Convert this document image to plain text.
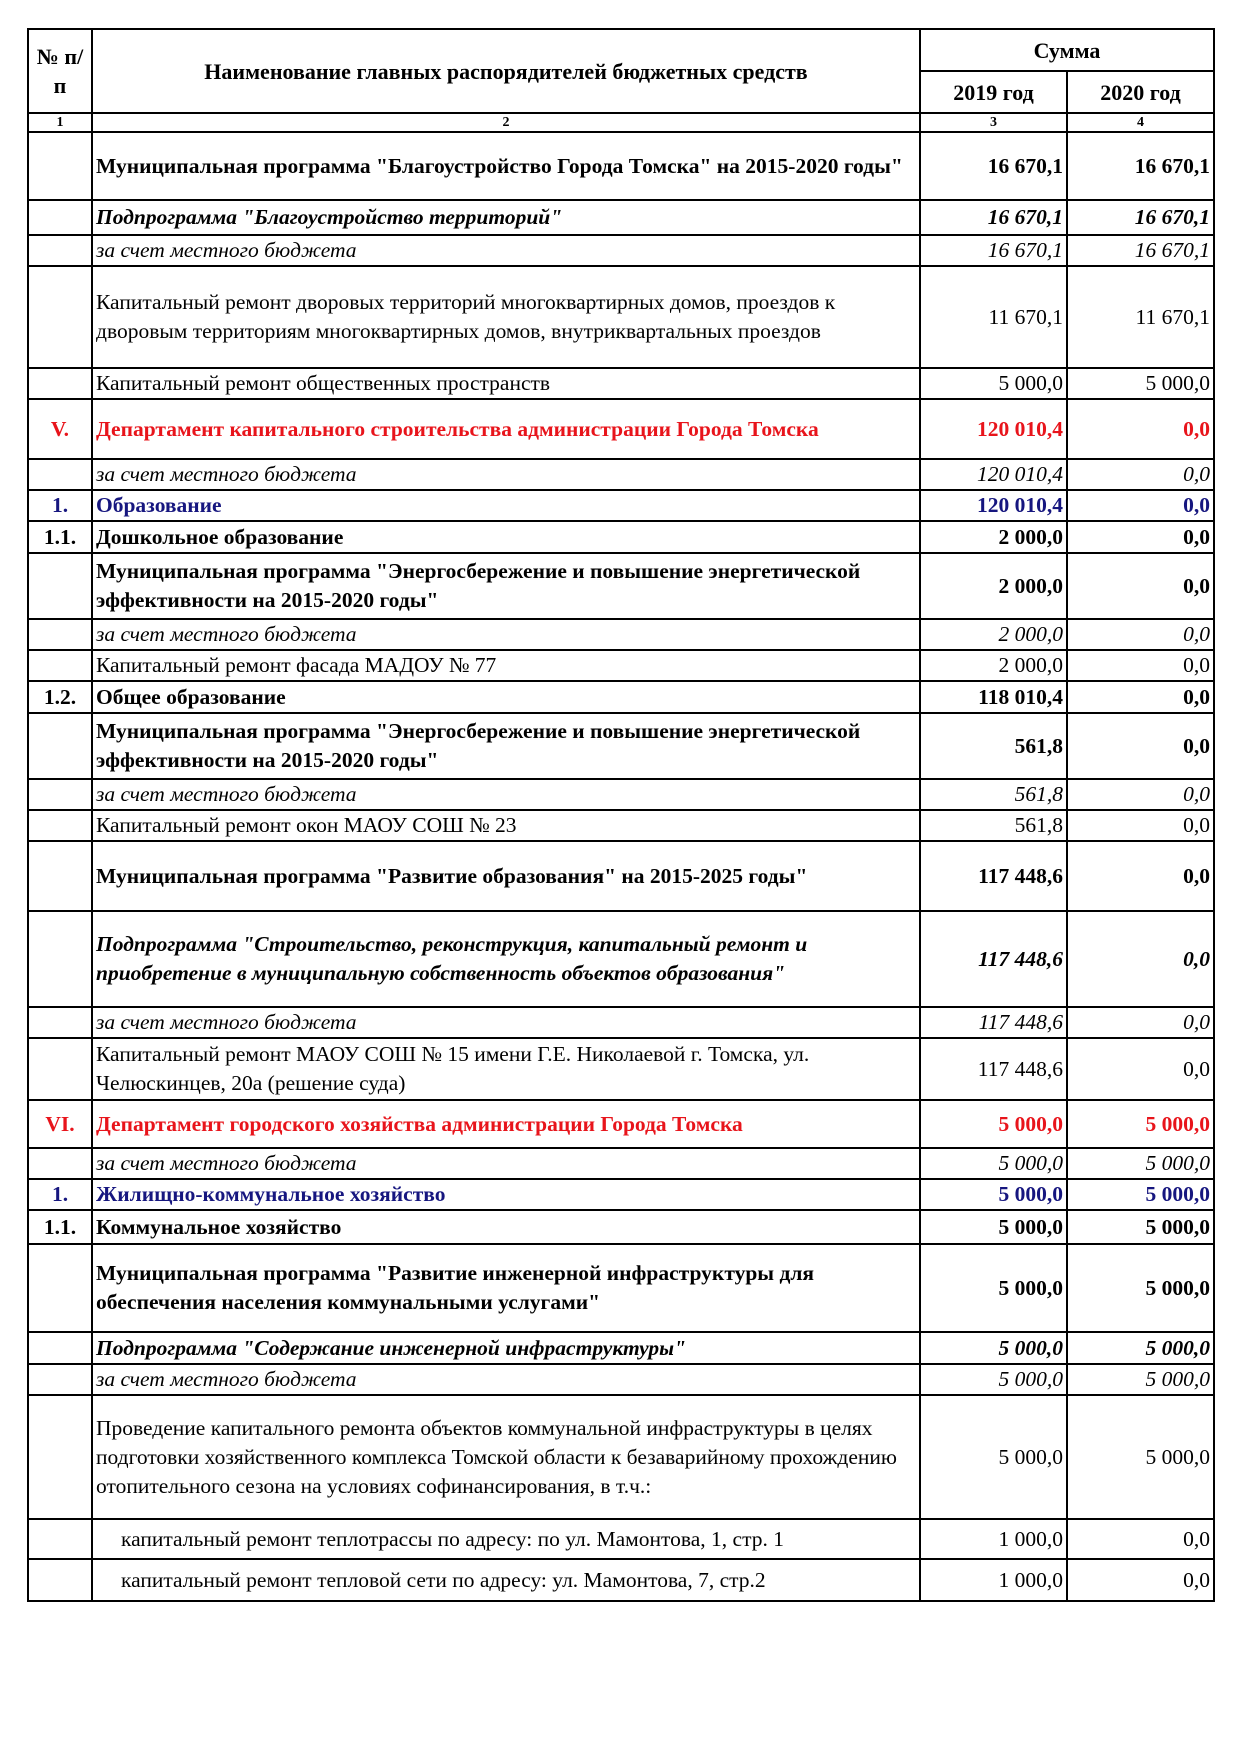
№ п/п	Наименование главных распорядителей бюджетных средств	Сумма	
		2019 год	2020 год
1	2	3	4
	Муниципальная программа "Благоустройство Города Томска" на 2015-2020 годы"	16 670,1	16 670,1
	Подпрограмма "Благоустройство территорий"	16 670,1	16 670,1
	за счет местного бюджета	16 670,1	16 670,1
	Капитальный ремонт дворовых территорий многоквартирных домов, проездов к дворовым территориям многоквартирных домов, внутриквартальных проездов	11 670,1	11 670,1
	Капитальный ремонт общественных пространств	5 000,0	5 000,0
V.	Департамент капитального строительства администрации Города Томска	120 010,4	0,0
	за счет местного бюджета	120 010,4	0,0
1.	Образование	120 010,4	0,0
1.1.	Дошкольное образование	2 000,0	0,0
	Муниципальная программа "Энергосбережение и повышение энергетической эффективности на 2015-2020 годы"	2 000,0	0,0
	за счет местного бюджета	2 000,0	0,0
	Капитальный ремонт фасада МАДОУ № 77	2 000,0	0,0
1.2.	Общее образование	118 010,4	0,0
	Муниципальная программа "Энергосбережение и повышение энергетической эффективности на 2015-2020 годы"	561,8	0,0
	за счет местного бюджета	561,8	0,0
	Капитальный ремонт окон МАОУ СОШ № 23	561,8	0,0
	Муниципальная программа "Развитие образования" на 2015-2025 годы"	117 448,6	0,0
	Подпрограмма "Строительство, реконструкция, капитальный ремонт и приобретение в муниципальную собственность объектов образования"	117 448,6	0,0
	за счет местного бюджета	117 448,6	0,0
	Капитальный ремонт МАОУ СОШ № 15 имени Г.Е. Николаевой г. Томска, ул. Челюскинцев, 20а (решение суда)	117 448,6	0,0
VI.	Департамент городского хозяйства администрации Города Томска	5 000,0	5 000,0
	за счет местного бюджета	5 000,0	5 000,0
1.	Жилищно-коммунальное хозяйство	5 000,0	5 000,0
1.1.	Коммунальное хозяйство	5 000,0	5 000,0
	Муниципальная программа "Развитие инженерной инфраструктуры для обеспечения населения коммунальными услугами"	5 000,0	5 000,0
	Подпрограмма "Содержание инженерной инфраструктуры"	5 000,0	5 000,0
	за счет местного бюджета	5 000,0	5 000,0
	Проведение капитального ремонта объектов коммунальной инфраструктуры в целях подготовки хозяйственного комплекса Томской области к безаварийному прохождению отопительного сезона на условиях софинансирования, в т.ч.:	5 000,0	5 000,0
	капитальный ремонт теплотрассы по адресу: по ул. Мамонтова, 1, стр. 1	1 000,0	0,0
	капитальный ремонт тепловой сети по адресу: ул. Мамонтова, 7, стр.2	1 000,0	0,0
